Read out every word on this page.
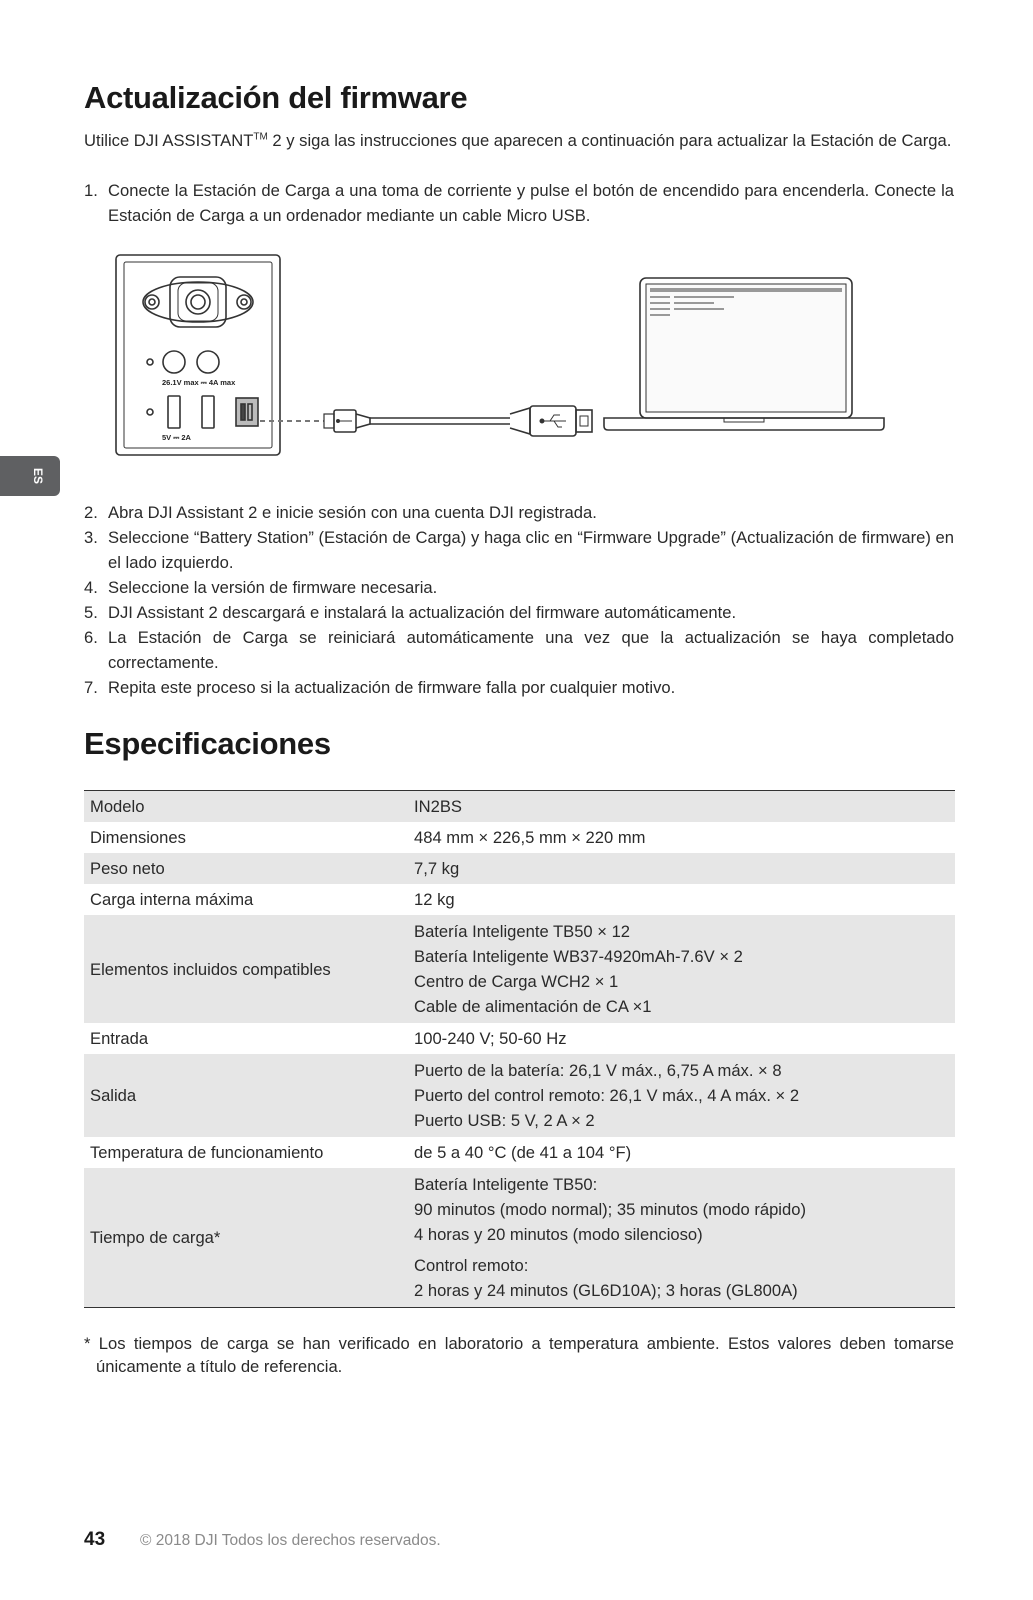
Actualización del firmware

Utilice DJI ASSISTANT™ 2 y siga las instrucciones que aparecen a continuación para actualizar la Estación de Carga.

1. Conecte la Estación de Carga a una toma de corriente y pulse el botón de encendido para encenderla. Conecte la Estación de Carga a un ordenador mediante un cable Micro USB.
ES
26.1V max ⎓ 4A max
5V ⎓ 2A
2. Abra DJI Assistant 2 e inicie sesión con una cuenta DJI registrada.
3. Seleccione “Battery Station” (Estación de Carga) y haga clic en “Firmware Upgrade” (Actualización de firmware) en el lado izquierdo.
4. Seleccione la versión de firmware necesaria.
5. DJI Assistant 2 descargará e instalará la actualización del firmware automáticamente.
6. La Estación de Carga se reiniciará automáticamente una vez que la actualización se haya completado correctamente.
7. Repita este proceso si la actualización de firmware falla por cualquier motivo.
Especificaciones
Modelo	IN2BS

Dimensiones	484 mm × 226,5 mm × 220 mm

Peso neto	7,7 kg

Carga interna máxima	12 kg

Elementos incluidos compatibles	Batería Inteligente TB50 × 12
Batería Inteligente WB37-4920mAh-7.6V × 2
Centro de Carga WCH2 × 1
Cable de alimentación de CA ×1

Entrada	100-240 V; 50-60 Hz

Salida	Puerto de la batería: 26,1 V máx., 6,75 A máx. × 8
Puerto del control remoto: 26,1 V máx., 4 A máx. × 2
Puerto USB: 5 V, 2 A × 2

Temperatura de funcionamiento	de 5 a 40 °C (de 41 a 104 °F)

Tiempo de carga*	Batería Inteligente TB50:
90 minutos (modo normal); 35 minutos (modo rápido)
4 horas y 20 minutos (modo silencioso)
Control remoto:
2 horas y 24 minutos (GL6D10A); 3 horas (GL800A)

* Los tiempos de carga se han verificado en laboratorio a temperatura ambiente. Estos valores deben tomarse únicamente a título de referencia.

43 © 2018 DJI Todos los derechos reservados.
